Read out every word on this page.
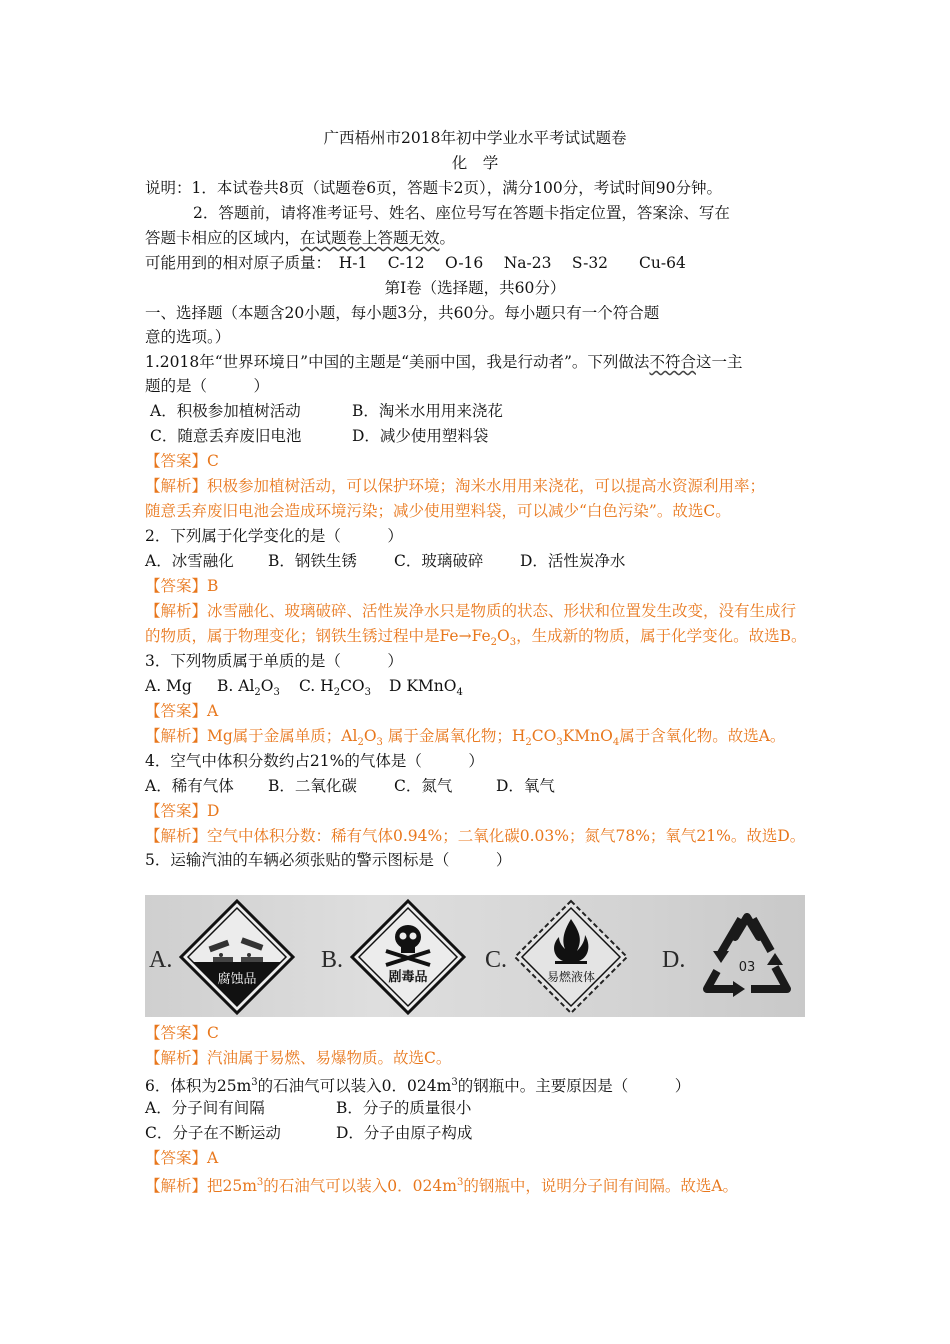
广西梧州市2018年初中学业水平考试试题卷
化　学
说明：1．本试卷共8页（试题卷6页，答题卡2页），满分100分，考试时间90分钟。
2．答题前，请将准考证号、姓名、座位号写在答题卡指定位置，答案涂、写在
答题卡相应的区域内，在试题卷上答题无效。
可能用到的相对原子质量：　H-1　 C-12　 O-16　 Na-23　 S-32　　Cu-64
第Ⅰ卷（选择题，共60分）
一、选择题（本题含20小题，每小题3分，共60分。每小题只有一个符合题
意的选项。）
1.2018年“世界环境日”中国的主题是“美丽中国，我是行动者”。下列做法不符合这一主
题的是（　　　）
A．积极参加植树活动	B．淘米水用用来浇花
C．随意丢弃废旧电池	D．减少使用塑料袋
【答案】C
【解析】积极参加植树活动，可以保护环境；淘米水用用来浇花，可以提高水资源利用率；
随意丢弃废旧电池会造成环境污染；减少使用塑料袋，可以减少“白色污染”。故选C。
2．下列属于化学变化的是（　　　）
A．冰雪融化 B．钢铁生锈 C．玻璃破碎 D．活性炭净水
【答案】B
【解析】冰雪融化、玻璃破碎、活性炭净水只是物质的状态、形状和位置发生改变，没有生成行
的物质，属于物理变化；钢铁生锈过程中是$Fe\to Fe_2O_3$，生成新的物质，属于化学变化。故选B。
3．下列物质属于单质的是（　　　）
A. Mg B. $Al_2O_3$ C. $H_2CO_3$ D KMnO$_4$
【答案】A
【解析】Mg属于金属单质；$Al_2O_3$ 属于金属氧化物；$H_2CO_3KMnO_4$属于含氧化物。故选A。
4．空气中体积分数约占21%的气体是（　　　）
A．稀有气体 B．二氧化碳 C．氮气	D．氧气
【答案】D
【解析】空气中体积分数：稀有气体0.94%；二氧化碳0.03%；氮气78%；氧气21%。故选D。
5．运输汽油的车辆必须张贴的警示图标是（　　　）
A.
腐蚀品
B.
剧毒品
C.
易燃液体
D.	03
【答案】C
【解析】汽油属于易燃、易爆物质。故选C。
6．体积为$25m^3$的石油气可以装入0．$024m^3$的钢瓶中。主要原因是（　　　）
A．分子间有间隔	B．分子的质量很小
C．分子在不断运动	D．分子由原子构成
【答案】A
【解析】把$25m^3$的石油气可以装入0．$024m^3$的钢瓶中，说明分子间有间隔。故选A。
